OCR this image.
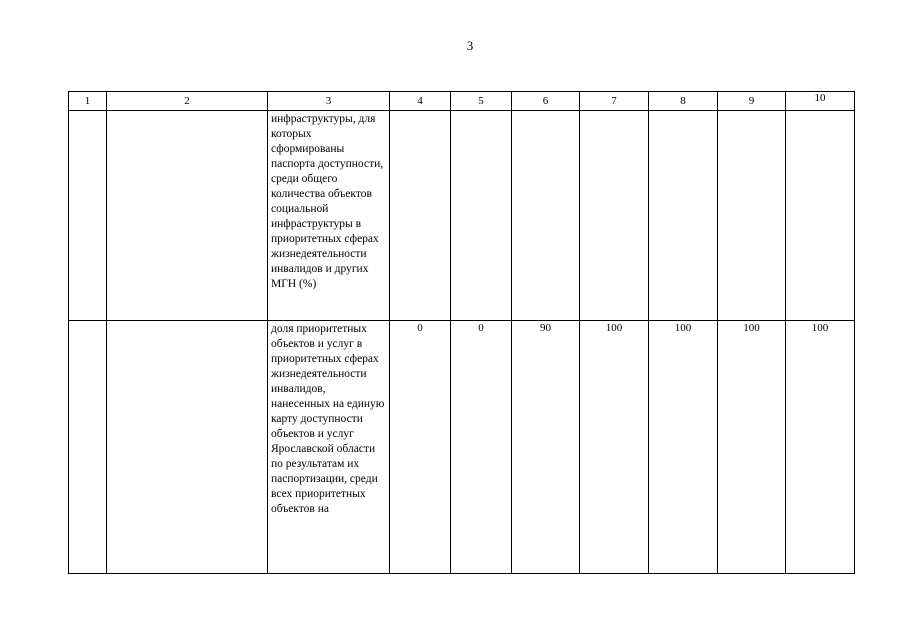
3
1	2	3	4	5	6	7	8	9	10
		инфраструктуры, для которых сформированы паспорта доступности, среди общего количества объектов социальной инфраструктуры в приоритетных сферах жизнедеятельности инвалидов и других МГН (%)							
		доля приоритетных объектов и услуг в приоритетных сферах жизнедеятельности инвалидов, нанесенных на единую карту доступности объектов и услуг Ярославской области по результатам их паспортизации, среди всех приоритетных объектов на	0	0	90	100	100	100	100
